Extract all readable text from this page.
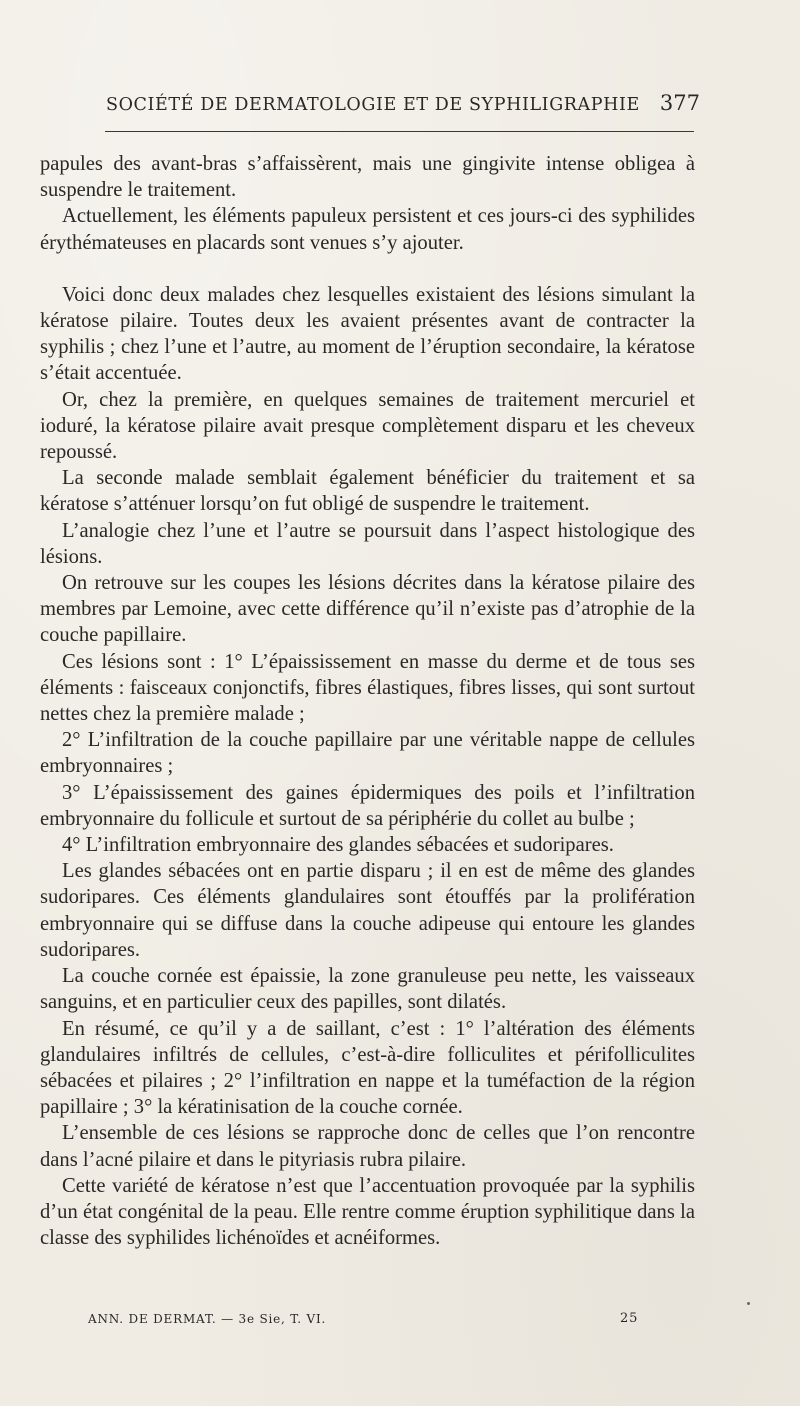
SOCIÉTÉ DE DERMATOLOGIE ET DE SYPHILIGRAPHIE 377

papules des avant-bras s’affaissèrent, mais une gingivite intense obligea à suspendre le traitement.

Actuellement, les éléments papuleux persistent et ces jours-ci des syphilides érythémateuses en placards sont venues s’y ajouter.

Voici donc deux malades chez lesquelles existaient des lésions simulant la kératose pilaire. Toutes deux les avaient présentes avant de contracter la syphilis ; chez l’une et l’autre, au moment de l’éruption secondaire, la kératose s’était accentuée.

Or, chez la première, en quelques semaines de traitement mercuriel et ioduré, la kératose pilaire avait presque complètement disparu et les cheveux repoussé.

La seconde malade semblait également bénéficier du traitement et sa kératose s’atténuer lorsqu’on fut obligé de suspendre le traitement.

L’analogie chez l’une et l’autre se poursuit dans l’aspect histologique des lésions.

On retrouve sur les coupes les lésions décrites dans la kératose pilaire des membres par Lemoine, avec cette différence qu’il n’existe pas d’atrophie de la couche papillaire.

Ces lésions sont : 1° L’épaississement en masse du derme et de tous ses éléments : faisceaux conjonctifs, fibres élastiques, fibres lisses, qui sont surtout nettes chez la première malade ;

2° L’infiltration de la couche papillaire par une véritable nappe de cellules embryonnaires ;

3° L’épaississement des gaines épidermiques des poils et l’infiltration embryonnaire du follicule et surtout de sa périphérie du collet au bulbe ;

4° L’infiltration embryonnaire des glandes sébacées et sudoripares.

Les glandes sébacées ont en partie disparu ; il en est de même des glandes sudoripares. Ces éléments glandulaires sont étouffés par la prolifération embryonnaire qui se diffuse dans la couche adipeuse qui entoure les glandes sudoripares.

La couche cornée est épaissie, la zone granuleuse peu nette, les vaisseaux sanguins, et en particulier ceux des papilles, sont dilatés.

En résumé, ce qu’il y a de saillant, c’est : 1° l’altération des éléments glandulaires infiltrés de cellules, c’est-à-dire folliculites et périfolliculites sébacées et pilaires ; 2° l’infiltration en nappe et la tuméfaction de la région papillaire ; 3° la kératinisation de la couche cornée.

L’ensemble de ces lésions se rapproche donc de celles que l’on rencontre dans l’acné pilaire et dans le pityriasis rubra pilaire.

Cette variété de kératose n’est que l’accentuation provoquée par la syphilis d’un état congénital de la peau. Elle rentre comme éruption syphilitique dans la classe des syphilides lichénoïdes et acnéiformes.

ANN. DE DERMAT. — 3e Sie, T. VI.	25
